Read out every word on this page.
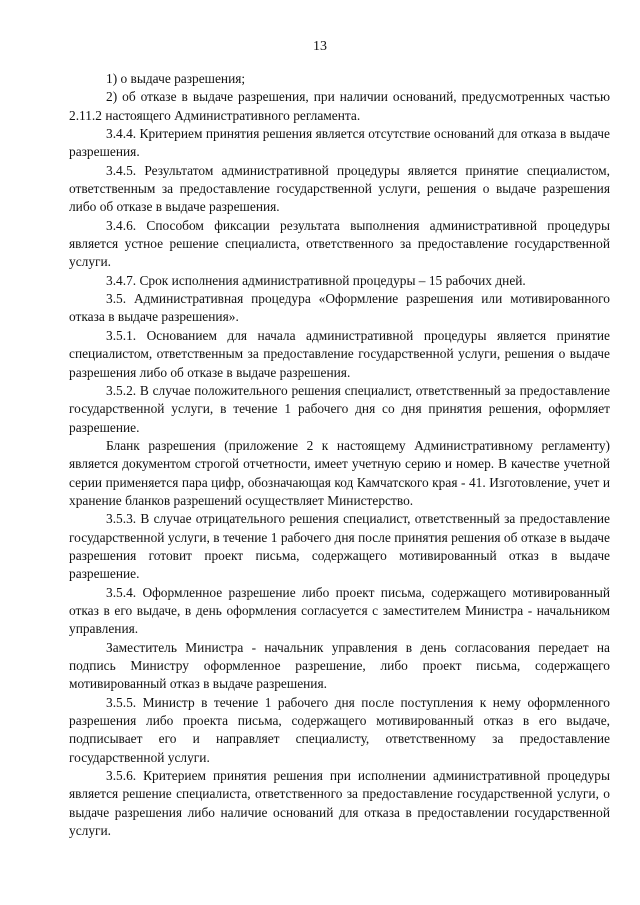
13

1) о выдаче разрешения;

2) об отказе в выдаче разрешения, при наличии оснований, предусмотренных частью 2.11.2 настоящего Административного регламента.

3.4.4. Критерием принятия решения является отсутствие оснований для отказа в выдаче разрешения.

3.4.5. Результатом административной процедуры является принятие специалистом, ответственным за предоставление государственной услуги, решения о выдаче разрешения либо об отказе в выдаче разрешения.

3.4.6. Способом фиксации результата выполнения административной процедуры является устное решение специалиста, ответственного за предоставление государственной услуги.

3.4.7. Срок исполнения административной процедуры – 15 рабочих дней.

3.5. Административная процедура «Оформление разрешения или мотивированного отказа в выдаче разрешения».

3.5.1. Основанием для начала административной процедуры является принятие специалистом, ответственным за предоставление государственной услуги, решения о выдаче разрешения либо об отказе в выдаче разрешения.

3.5.2. В случае положительного решения специалист, ответственный за предоставление государственной услуги, в течение 1 рабочего дня со дня принятия решения, оформляет разрешение.

Бланк разрешения (приложение 2 к настоящему Административному регламенту) является документом строгой отчетности, имеет учетную серию и номер. В качестве учетной серии применяется пара цифр, обозначающая код Камчатского края - 41. Изготовление, учет и хранение бланков разрешений осуществляет Министерство.

3.5.3. В случае отрицательного решения специалист, ответственный за предоставление государственной услуги, в течение 1 рабочего дня после принятия решения об отказе в выдаче разрешения готовит проект письма, содержащего мотивированный отказ в выдаче разрешение.

3.5.4. Оформленное разрешение либо проект письма, содержащего мотивированный отказ в его выдаче, в день оформления согласуется с заместителем Министра - начальником управления.

Заместитель Министра - начальник управления в день согласования передает на подпись Министру оформленное разрешение, либо проект письма, содержащего мотивированный отказ в выдаче разрешения.

3.5.5. Министр в течение 1 рабочего дня после поступления к нему оформленного разрешения либо проекта письма, содержащего мотивированный отказ в его выдаче, подписывает его и направляет специалисту, ответственному за предоставление государственной услуги.

3.5.6. Критерием принятия решения при исполнении административной процедуры является решение специалиста, ответственного за предоставление государственной услуги, о выдаче разрешения либо наличие оснований для отказа в предоставлении государственной услуги.
